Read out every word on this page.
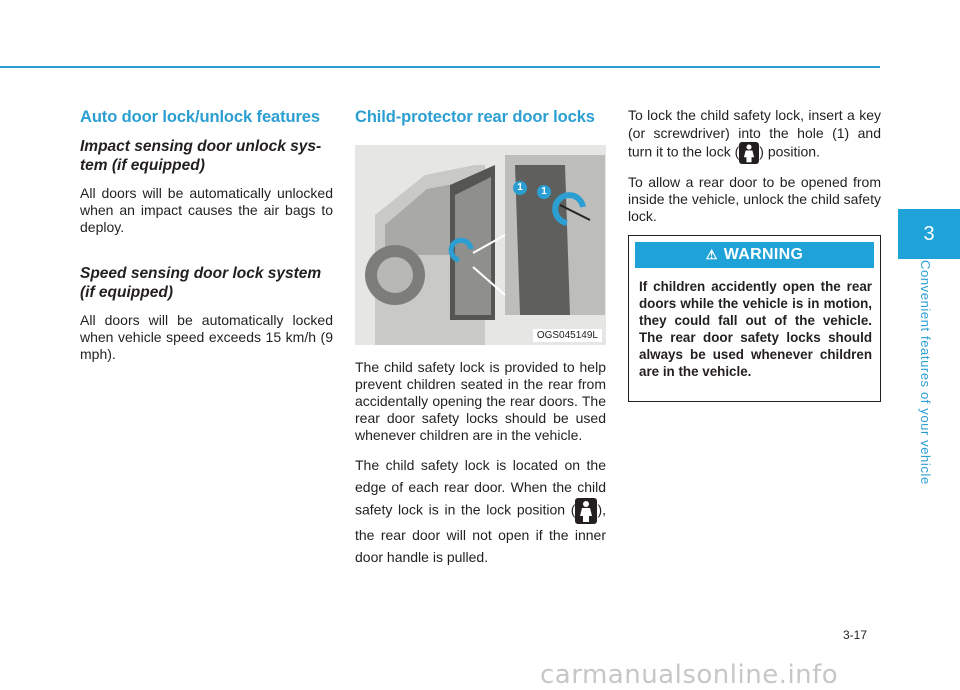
Auto door lock/unlock features
Impact sensing door unlock sys-tem (if equipped)

All doors will be automatically unlocked when an impact causes the air bags to deploy.

Speed sensing door lock system (if equipped)

All doors will be automatically locked when vehicle speed exceeds 15 km/h (9 mph).

Child-protector rear door locks
1	1
OGS045149L

The child safety lock is provided to help prevent children seated in the rear from accidentally opening the rear doors. The rear door safety locks should be used whenever children are in the vehicle.

The child safety lock is located on the edge of each rear door. When the child safety lock is in the lock position ( ), the rear door will not open if the inner door handle is pulled.

To lock the child safety lock, insert a key (or screwdriver) into the hole (1) and turn it to the lock ( ) position.

To allow a rear door to be opened from inside the vehicle, unlock the child safety lock.

⚠ WARNING

If children accidently open the rear doors while the vehicle is in motion, they could fall out of the vehicle. The rear door safety locks should always be used whenever children are in the vehicle.

3
Convenient features of your vehicle
3-17
carmanualsonline.info
